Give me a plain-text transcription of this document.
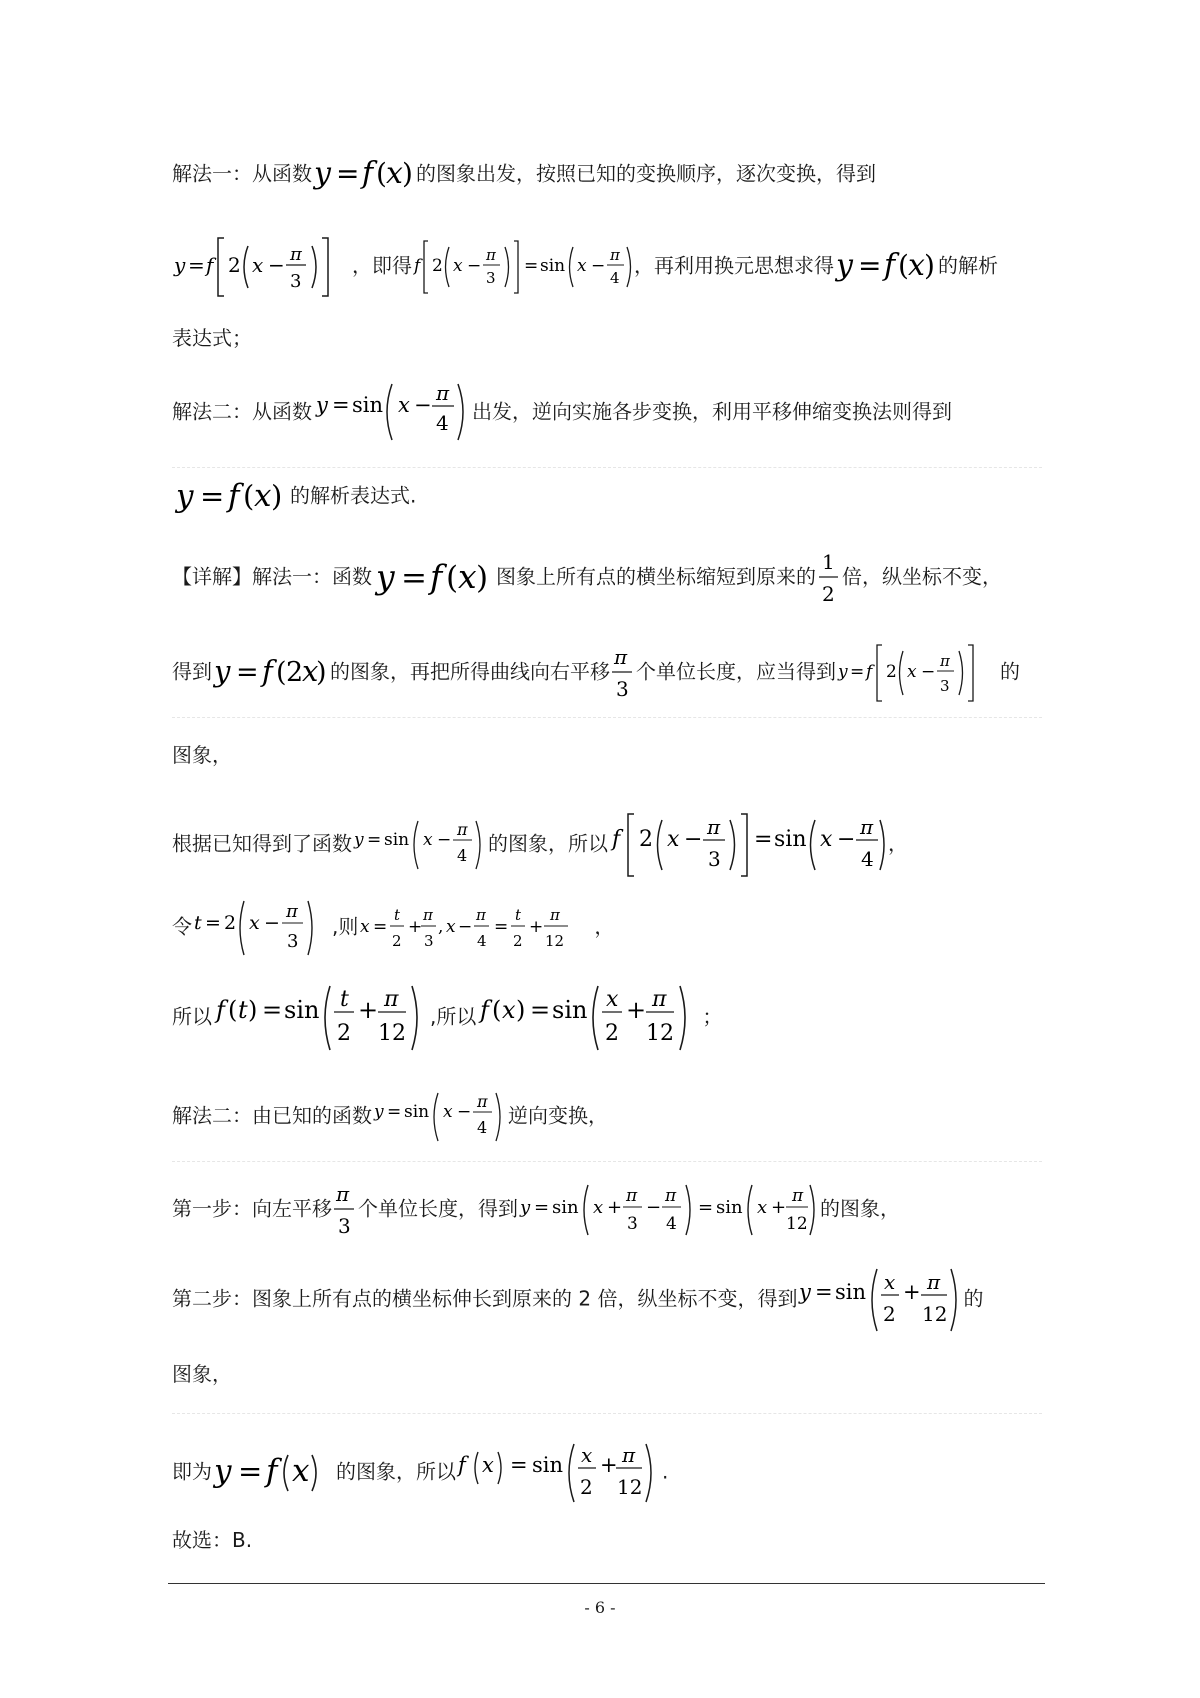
解法一：从函数 y = f ( x ) 的图象出发，按照已知的变换顺序，逐次变换，得到
y = f 2 x − π
3
，即得 f 2 x −
π
3
= sin x −
π
4
，再利用换元思想求得 y = f ( x ) 的解析
表达式；
解法二：从函数 y = sin x − π
4 出发，逆向实施各步变换，利用平移伸缩变换法则得到
y = f ( x ) 的解析表达式.
【详解】解法一：函数 y = f ( x ) 图象上所有点的横坐标缩短到原来的
1
2
倍，纵坐标不变，
得到 y = f ( 2
x
) 的图象，再把所得曲线向右平移
π
3
个单位长度，应当得到 y = f 2 x −
π
3
的
图象，
根据已知得到了函数 y = sin x −
π
4 的图象，所以 f 2 x − π
3
= sin x − π
4
，
令 t = 2 x −
π
3
,则 x =
t
2
+
π
3
, x −
π
4
=
t
2
+
π
12
，
所以 f ( t ) = sin t
2
+ π
12
,所以 f ( x ) = sin x
2
+ π
12
；
解法二：由已知的函数 y = sin x −
π
4 逆向变换，
第一步：向左平移
π
3
个单位长度，得到 y = sin x +
π
3
−
π
4
= sin x +
π
12
的图象，
第二步：图象上所有点的横坐标伸长到原来的 2 倍，纵坐标不变，得到 y = sin x
2
+ π
12
的
图象，
即为 y = f x 的图象，所以 f x = sin x
2
+ π
12
.
故选：B.
- 6 -
